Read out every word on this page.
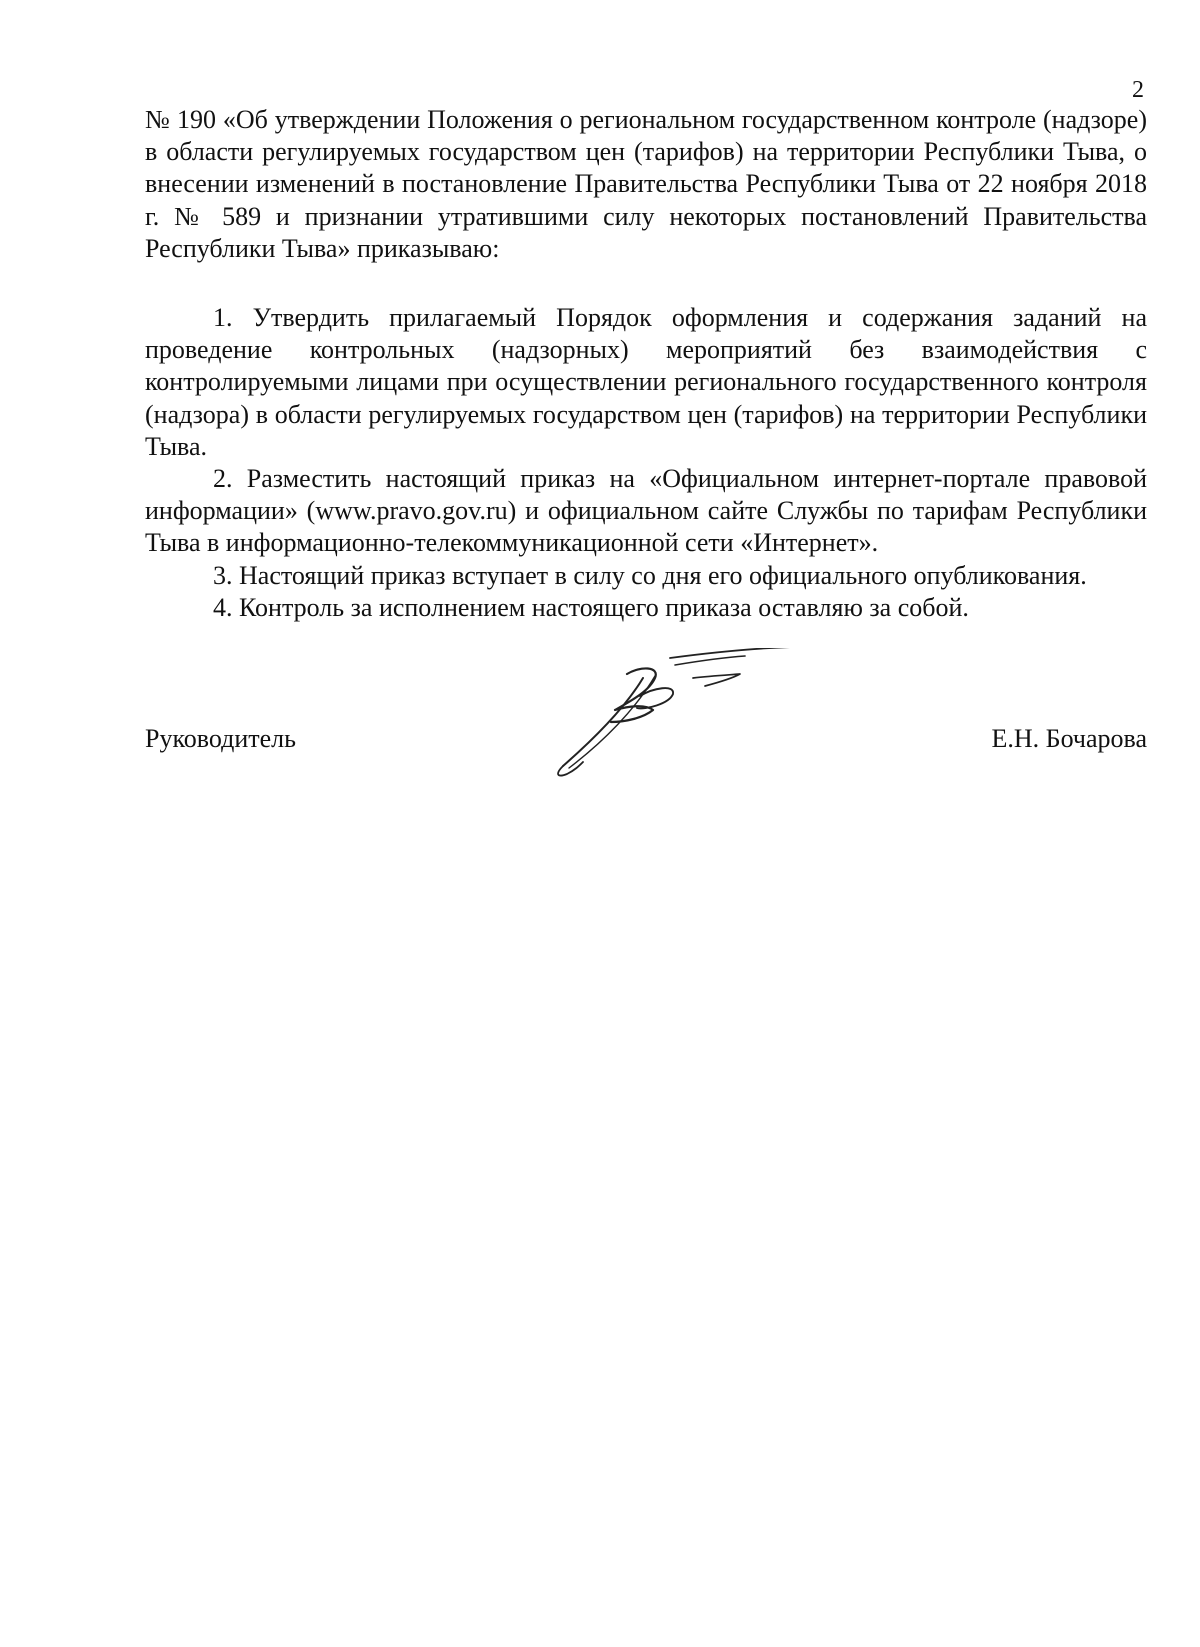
2

№ 190 «Об утверждении Положения о региональном государственном контроле (надзоре) в области регулируемых государством цен (тарифов) на территории Республики Тыва, о внесении изменений в постановление Правительства Республики Тыва от 22 ноября 2018 г. № 589 и признании утратившими силу некоторых постановлений Правительства Республики Тыва» приказываю:

1. Утвердить прилагаемый Порядок оформления и содержания заданий на проведение контрольных (надзорных) мероприятий без взаимодействия с контролируемыми лицами при осуществлении регионального государственного контроля (надзора) в области регулируемых государством цен (тарифов) на территории Республики Тыва.

2. Разместить настоящий приказ на «Официальном интернет-портале правовой информации» (www.pravo.gov.ru) и официальном сайте Службы по тарифам Республики Тыва в информационно-телекоммуникационной сети «Интернет».

3. Настоящий приказ вступает в силу со дня его официального опубликования.

4. Контроль за исполнением настоящего приказа оставляю за собой.

Руководитель	Е.Н. Бочарова
